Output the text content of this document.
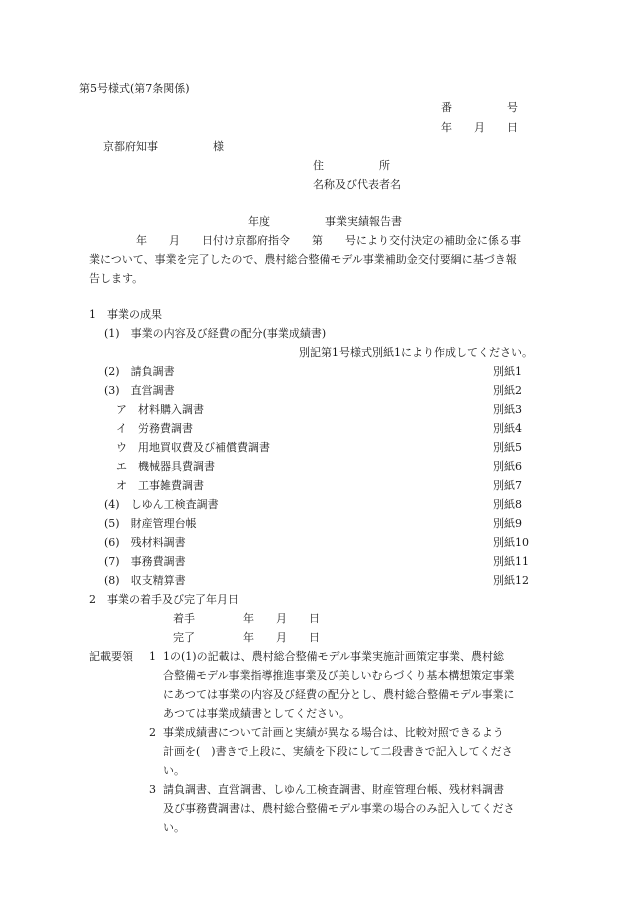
第5号様式(第7条関係)
番　　　　　号
年　　月　　日
京都府知事　　　　　様
住　　　　　所
名称及び代表者名
年度　　　　　事業実績報告書
年　　月　　日付け京都府指令　　第　　号により交付決定の補助金に係る事
業について、事業を完了したので、農村総合整備モデル事業補助金交付要綱に基づき報
告します。
1　事業の成果
(1)　事業の内容及び経費の配分(事業成績書)
別記第1号様式別紙1により作成してください。
(2)　請負調書	別紙1
(3)　直営調書	別紙2
ア　材料購入調書	別紙3
イ　労務費調書	別紙4
ウ　用地買収費及び補償費調書	別紙5
エ　機械器具費調書	別紙6
オ　工事雑費調書	別紙7
(4)　しゆん工検査調書	別紙8
(5)　財産管理台帳	別紙9
(6)　残材料調書	別紙10
(7)　事務費調書	別紙11
(8)　収支精算書	別紙12
2　事業の着手及び完了年月日
着手	年　　月　　日
完了	年　　月　　日
記載要領 1 1の(1)の記載は、農村総合整備モデル事業実施計画策定事業、農村総
合整備モデル事業指導推進事業及び美しいむらづくり基本構想策定事業
にあつては事業の内容及び経費の配分とし、農村総合整備モデル事業に
あつては事業成績書としてください。
2 事業成績書について計画と実績が異なる場合は、比較対照できるよう
計画を(　)書きで上段に、実績を下段にして二段書きで記入してくださ
い。
3 請負調書、直営調書、しゆん工検査調書、財産管理台帳、残材料調書
及び事務費調書は、農村総合整備モデル事業の場合のみ記入してくださ
い。
